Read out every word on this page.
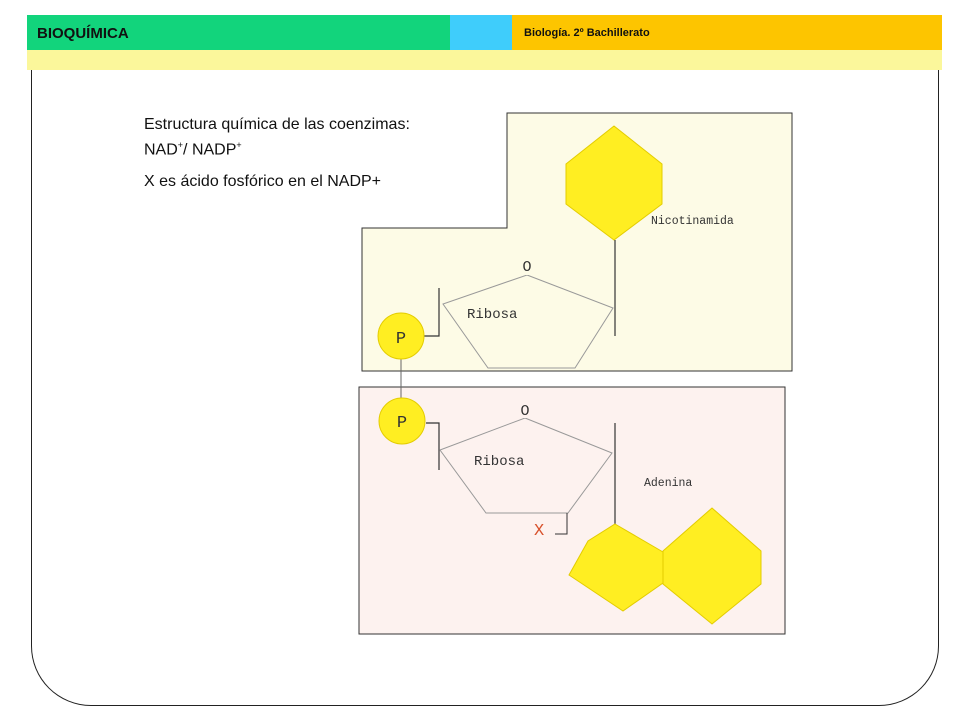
BIOQUÍMICA	Biología. 2º Bachillerato
Estructura química de las coenzimas:
NAD+/ NADP+
X es ácido fosfórico en el NADP+
Nicotinamida
O
Ribosa
P
P
O
Ribosa
X
Adenina
